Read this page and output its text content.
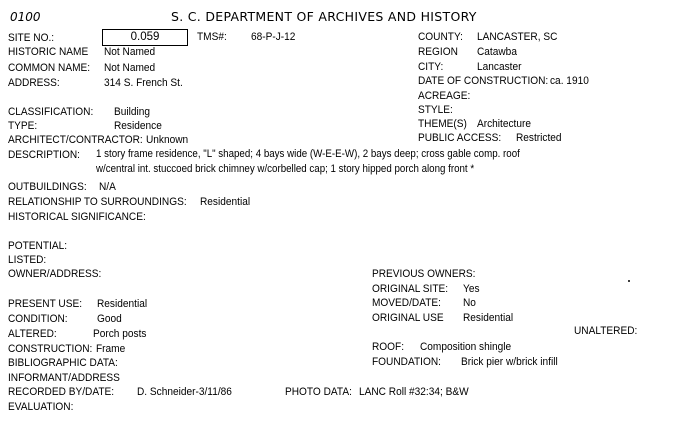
0100	S. C. DEPARTMENT OF ARCHIVES AND HISTORY
SITE NO.:	0.059	TMS#: 68-P-J-12	COUNTY: LANCASTER, SC
HISTORIC NAME Not Named	REGION Catawba
COMMON NAME: Not Named	CITY:	Lancaster
ADDRESS:	314 S. French St.	DATE OF CONSTRUCTION: ca. 1910
ACREAGE:
STYLE:
CLASSIFICATION: Building
TYPE:	Residence	THEME(S) Architecture
ARCHITECT/CONTRACTOR: Unknown	PUBLIC ACCESS: Restricted
DESCRIPTION: 1 story frame residence, "L" shaped; 4 bays wide (W-E-E-W), 2 bays deep; cross gable comp. roof
w/central int. stuccoed brick chimney w/corbelled cap; 1 story hipped porch along front *
OUTBUILDINGS: N/A
RELATIONSHIP TO SURROUNDINGS: Residential
HISTORICAL SIGNIFICANCE:
POTENTIAL:
LISTED:
OWNER/ADDRESS:	PREVIOUS OWNERS:
ORIGINAL SITE: Yes
PRESENT USE: Residential	MOVED/DATE: No
CONDITION:	Good	ORIGINAL USE Residential
ALTERED:	Porch posts	UNALTERED:
CONSTRUCTION: Frame	ROOF: Composition shingle
BIBLIOGRAPHIC DATA:	FOUNDATION: Brick pier w/brick infill
INFORMANT/ADDRESS
RECORDED BY/DATE: D. Schneider-3/11/86	PHOTO DATA: LANC Roll #32:34; B&W
EVALUATION:
